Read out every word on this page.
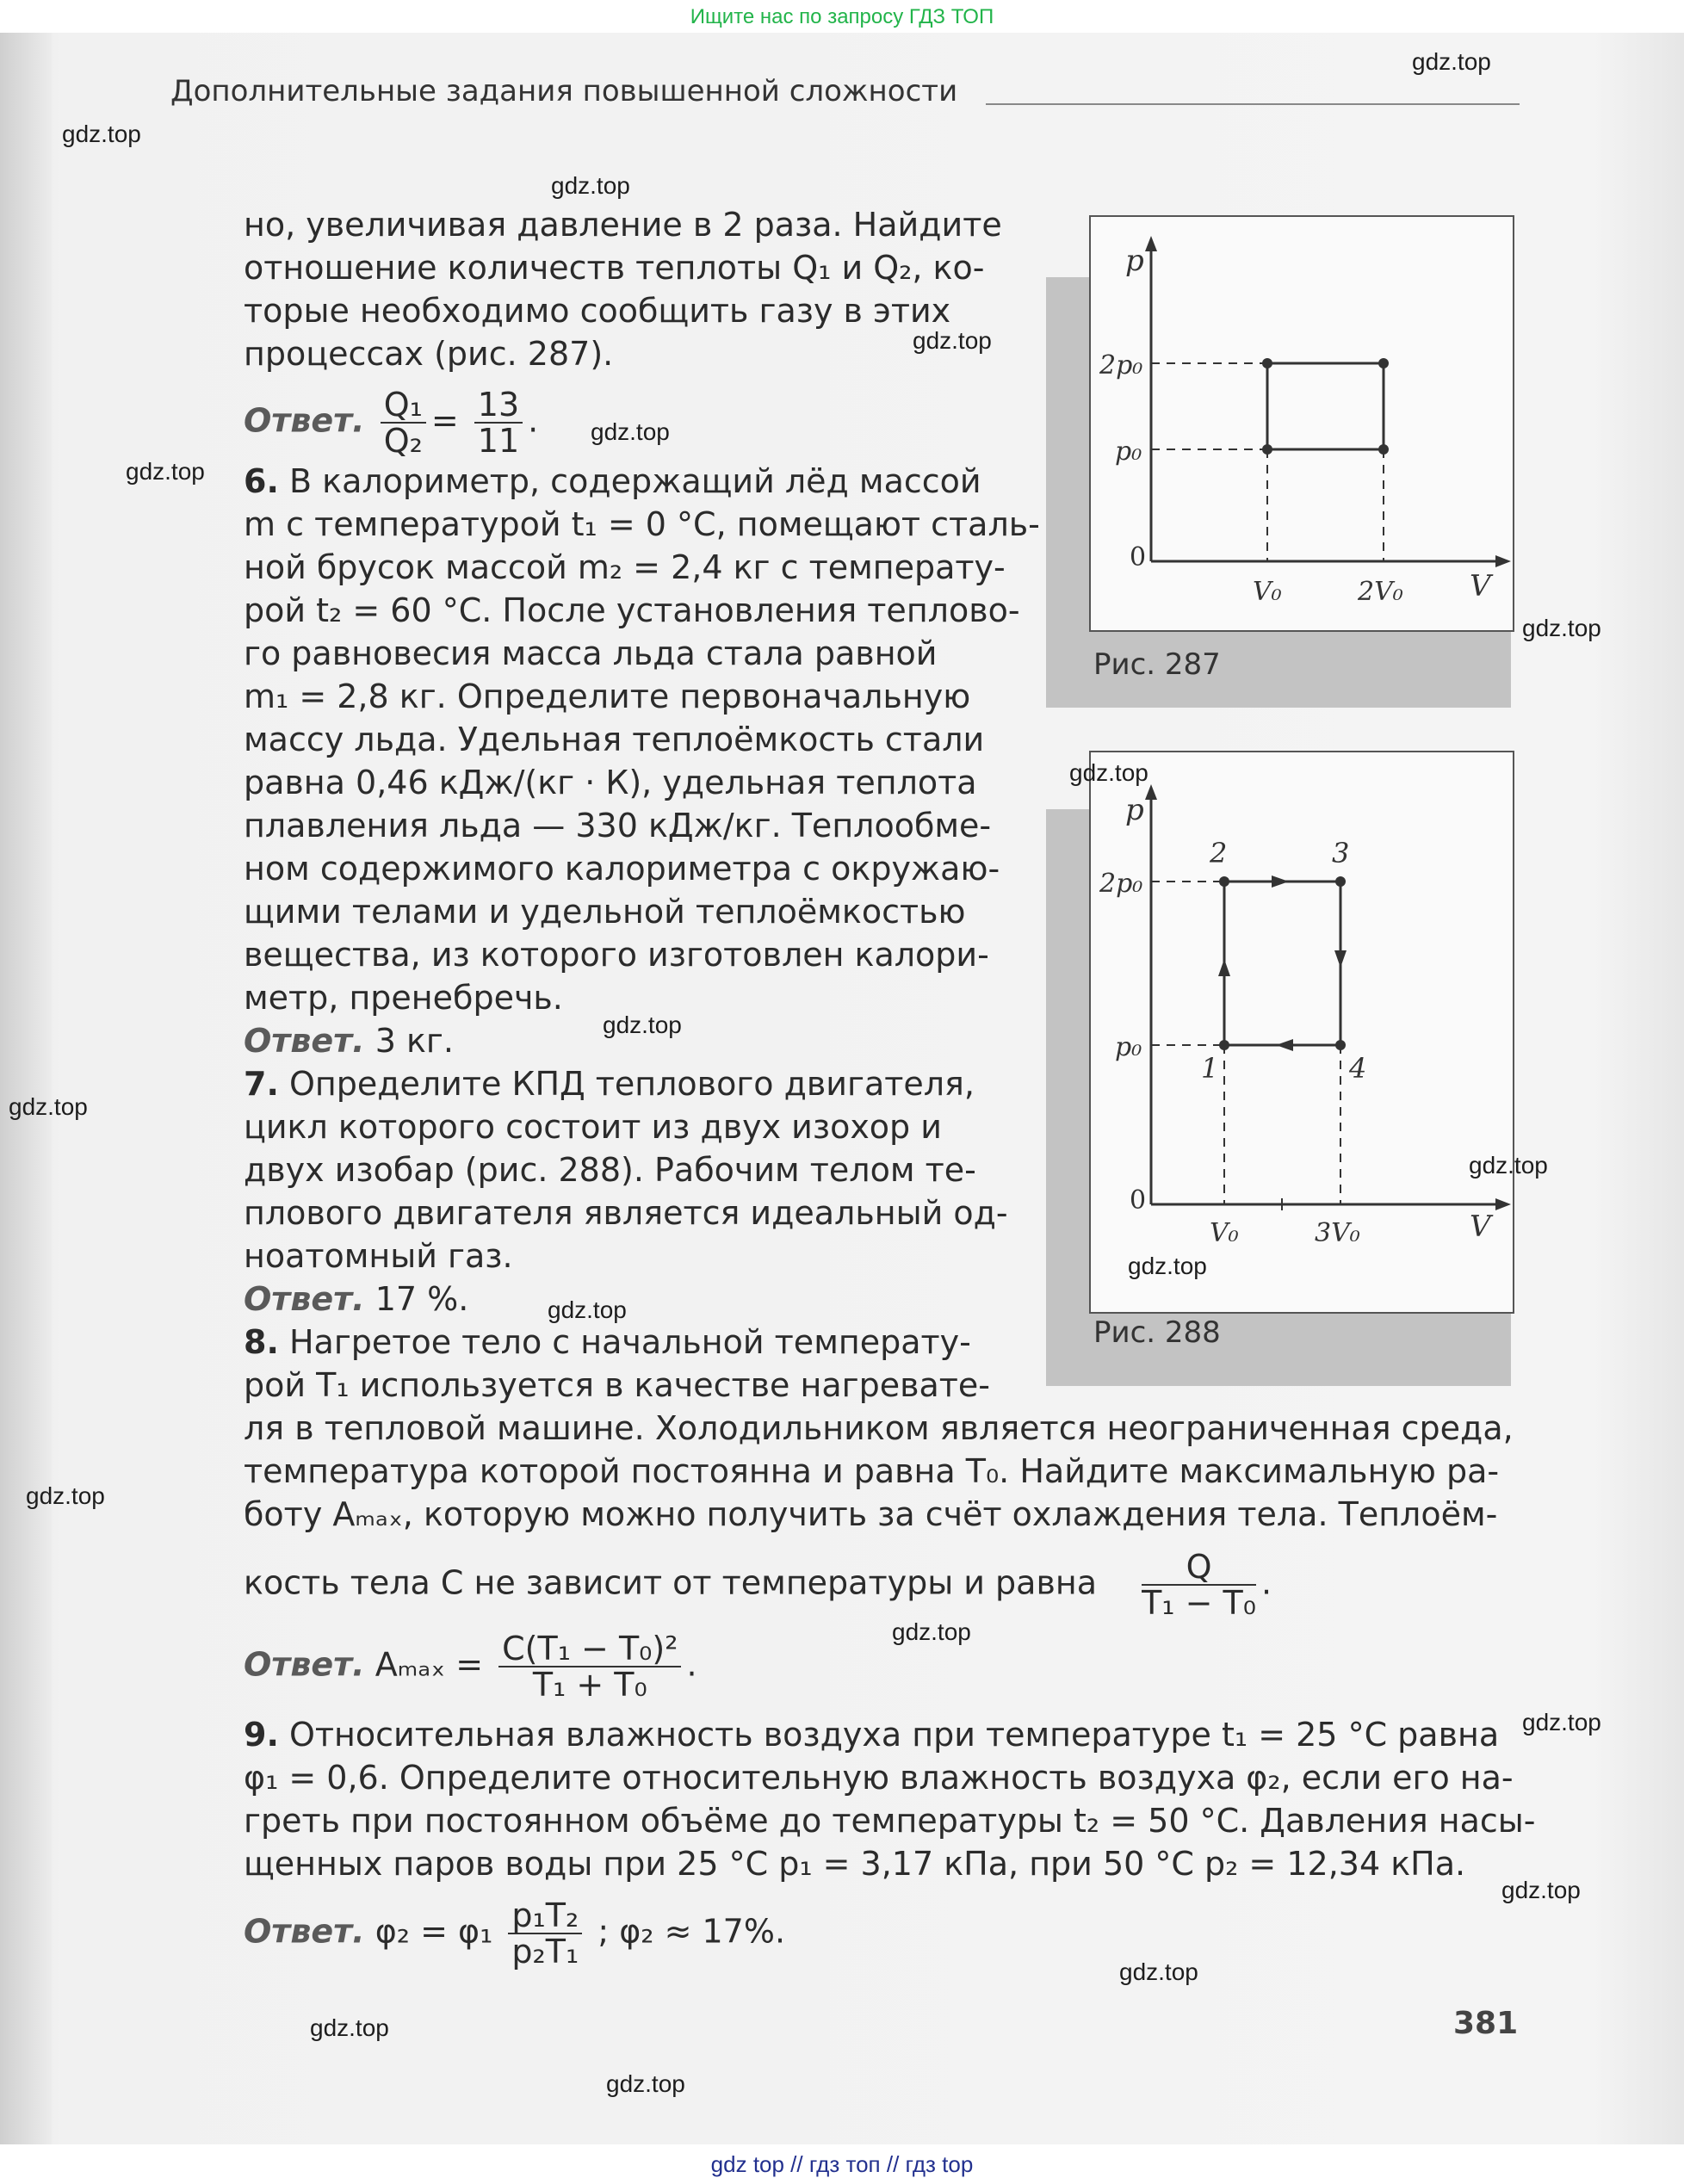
Ищите нас по запросу ГДЗ ТОП
Дополнительные задания повышенной сложности
но, увеличивая давление в 2 раза. Найдите
отношение количеств теплоты Q₁ и Q₂, ко-
торые необходимо сообщить газу в этих
процессах (рис. 287).
Ответ. $\frac{\text{Q₁}}{\text{Q₂}} = \frac{13}{11}$ .
6. В калориметр, содержащий лёд массой
m с температурой t₁ = 0 °С, помещают сталь-
ной брусок массой m₂ = 2,4 кг с температу-
рой t₂ = 60 °С. После установления теплово-
го равновесия масса льда стала равной
m₁ = 2,8 кг. Определите первоначальную
массу льда. Удельная теплоёмкость стали
равна 0,46 кДж/(кг · К), удельная теплота
плавления льда — 330 кДж/кг. Теплообме-
ном содержимого калориметра с окружаю-
щими телами и удельной теплоёмкостью
вещества, из которого изготовлен калори-
метр, пренебречь.
Ответ. 3 кг.
7. Определите КПД теплового двигателя,
цикл которого состоит из двух изохор и
двух изобар (рис. 288). Рабочим телом те-
плового двигателя является идеальный од-
ноатомный газ.
Ответ. 17 %.
8. Нагретое тело с начальной температу-
рой T₁ используется в качестве нагревате-
ля в тепловой машине. Холодильником является неограниченная среда,
температура которой постоянна и равна T₀. Найдите максимальную ра-
боту Aₘₐₓ, которую можно получить за счёт охлаждения тела. Теплоём-
кость тела C не зависит от температуры и равна $\frac{Q}{\text{T₁ − T₀}}$ .
Ответ. $A_{max} = \frac{\text{C(T₁ − T₀)²}}{\text{T₁ + T₀}}$ .
9. Относительная влажность воздуха при температуре t₁ = 25 °С равна
φ₁ = 0,6. Определите относительную влажность воздуха φ₂, если его на-
греть при постоянном объёме до температуры t₂ = 50 °С. Давления насы-
щенных паров воды при 25 °С p₁ = 3,17 кПа, при 50 °С p₂ = 12,34 кПа.
Ответ. $\varphi_2 = \varphi_1 \frac{\text{p₁T₂}}{\text{p₂T₁}}$ ; φ₂ ≈ 17%.
p
V
0
2p₀
p₀
V₀	2V₀
Рис. 287
p
V
0
2	3
1	4
2p₀
p₀
V₀	3V₀
Рис. 288
381
gdz.top
gdz.top
gdz.top
gdz.top
gdz.top
gdz.top
gdz.top
gdz.top
gdz.top
gdz.top
gdz.top
gdz.top
gdz.top
gdz.top
gdz.top
gdz.top
gdz.top
gdz.top
gdz.top
gdz.top
gdz top // гдз топ // гдз top
